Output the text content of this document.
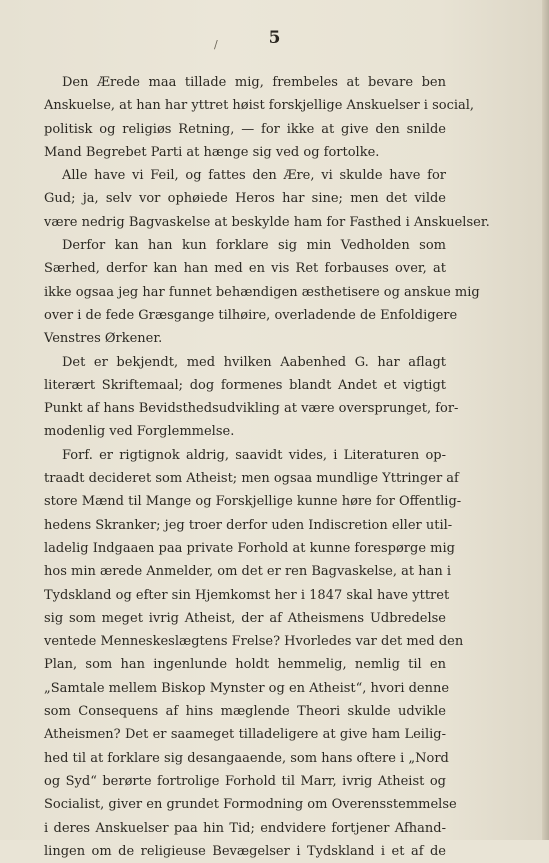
/	5
Den Ærede maa tillade mig, frembeles at bevare ben
Anskuelse, at han har yttret høist forskjellige Anskuelser i social,
politisk og religiøs Retning, — for ikke at give den snilde
Mand Begrebet Parti at hænge sig ved og fortolke.
Alle have vi Feil, og fattes den Ære, vi skulde have for
Gud; ja, selv vor ophøiede Heros har sine; men det vilde
være nedrig Bagvaskelse at beskylde ham for Fasthed i Anskuelser.
Derfor kan han kun forklare sig min Vedholden som
Særhed, derfor kan han med en vis Ret forbauses over, at
ikke ogsaa jeg har funnet behændigen æsthetisere og anskue mig
over i de fede Græsgange tilhøire, overladende de Enfoldigere
Venstres Ørkener.
Det er bekjendt, med hvilken Aabenhed G. har aflagt
literært Skriftemaal; dog formenes blandt Andet et vigtigt
Punkt af hans Bevidsthedsudvikling at være oversprunget, for-
modenlig ved Forglemmelse.
Forf. er rigtignok aldrig, saavidt vides, i Literaturen op-
traadt decideret som Atheist; men ogsaa mundlige Yttringer af
store Mænd til Mange og Forskjellige kunne høre for Offentlig-
hedens Skranker; jeg troer derfor uden Indiscretion eller util-
ladelig Indgaaen paa private Forhold at kunne forespørge mig
hos min ærede Anmelder, om det er ren Bagvaskelse, at han i
Tydskland og efter sin Hjemkomst her i 1847 skal have yttret
sig som meget ivrig Atheist, der af Atheismens Udbredelse
ventede Menneskeslægtens Frelse? Hvorledes var det med den
Plan, som han ingenlunde holdt hemmelig, nemlig til en
„Samtale mellem Biskop Mynster og en Atheist“, hvori denne
som Consequens af hins mæglende Theori skulde udvikle
Atheismen? Det er saameget tilladeligere at give ham Leilig-
hed til at forklare sig desangaaende, som hans oftere i „Nord
og Syd“ berørte fortrolige Forhold til Marr, ivrig Atheist og
Socialist, giver en grundet Formodning om Overensstemmelse
i deres Anskuelser paa hin Tid; endvidere fortjener Afhand-
lingen om de religieuse Bevægelser i Tydskland i et af de
